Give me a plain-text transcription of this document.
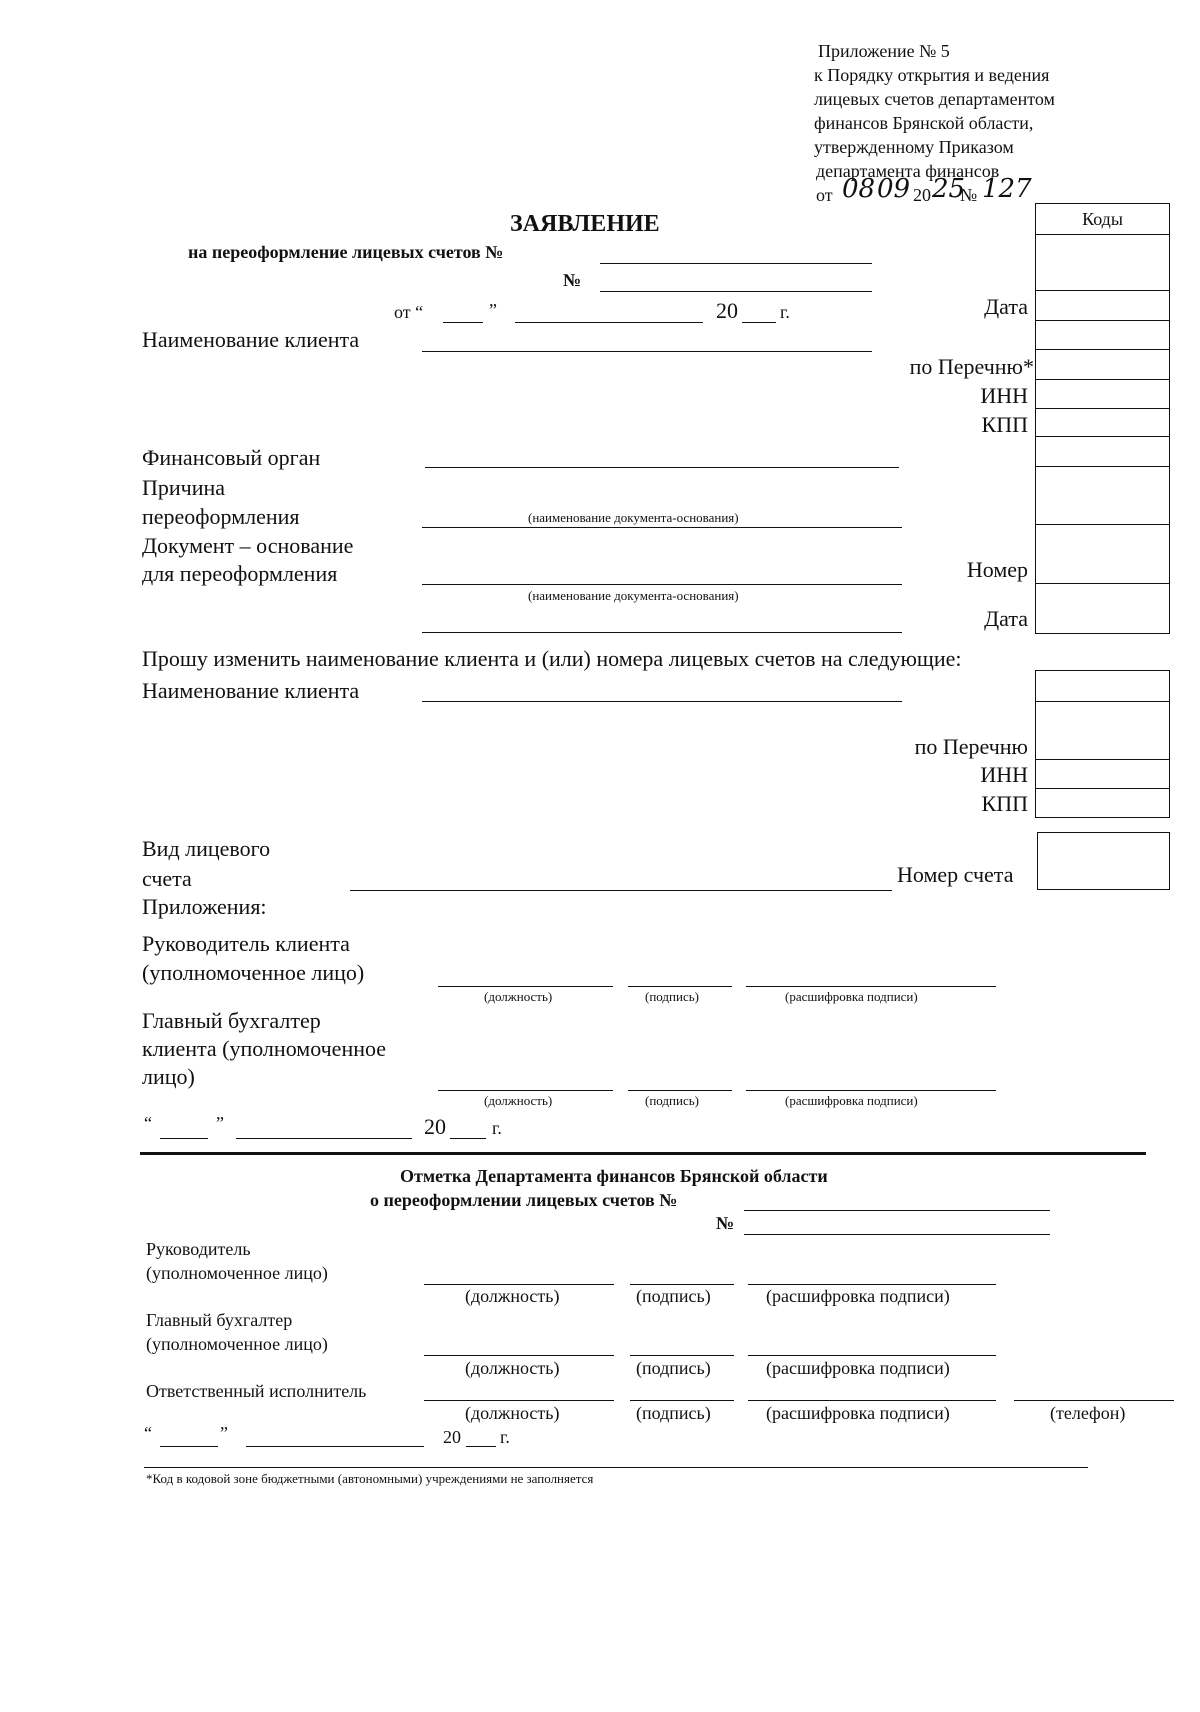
Приложение № 5
к Порядку открытия и ведения
лицевых счетов департаментом
финансов Брянской области,
утвержденному Приказом
департамента финансов
от 08 09 20 25
№ 127
Коды
Дата
по Перечню*
ИНН
КПП
Номер
Дата
ЗАЯВЛЕНИЕ
на переоформление лицевых счетов №
№
от “	”	20 г.
Наименование клиента
Финансовый орган
Причина
переоформления	(наименование документа-основания)
Документ – основание
для переоформления
(наименование документа-основания)
Прошу изменить наименование клиента и (или) номера лицевых счетов на следующие:
Наименование клиента
по Перечню
ИНН
КПП
Вид лицевого
счета	Номер счета
Приложения:
Руководитель клиента
(уполномоченное лицо)
(должность)	(подпись)	(расшифровка подписи)
Главный бухгалтер
клиента (уполномоченное
лицо)
(должность)	(подпись)	(расшифровка подписи)
“	”	20	г.
Отметка Департамента финансов Брянской области
о переоформлении лицевых счетов №
№
Руководитель
(уполномоченное лицо)
(должность)	(подпись)	(расшифровка подписи)
Главный бухгалтер
(уполномоченное лицо)
(должность)	(подпись)	(расшифровка подписи)
Ответственный исполнитель
(должность)	(подпись)	(расшифровка подписи)	(телефон)
“	”	20 г.
*Код в кодовой зоне бюджетными (автономными) учреждениями не заполняется
